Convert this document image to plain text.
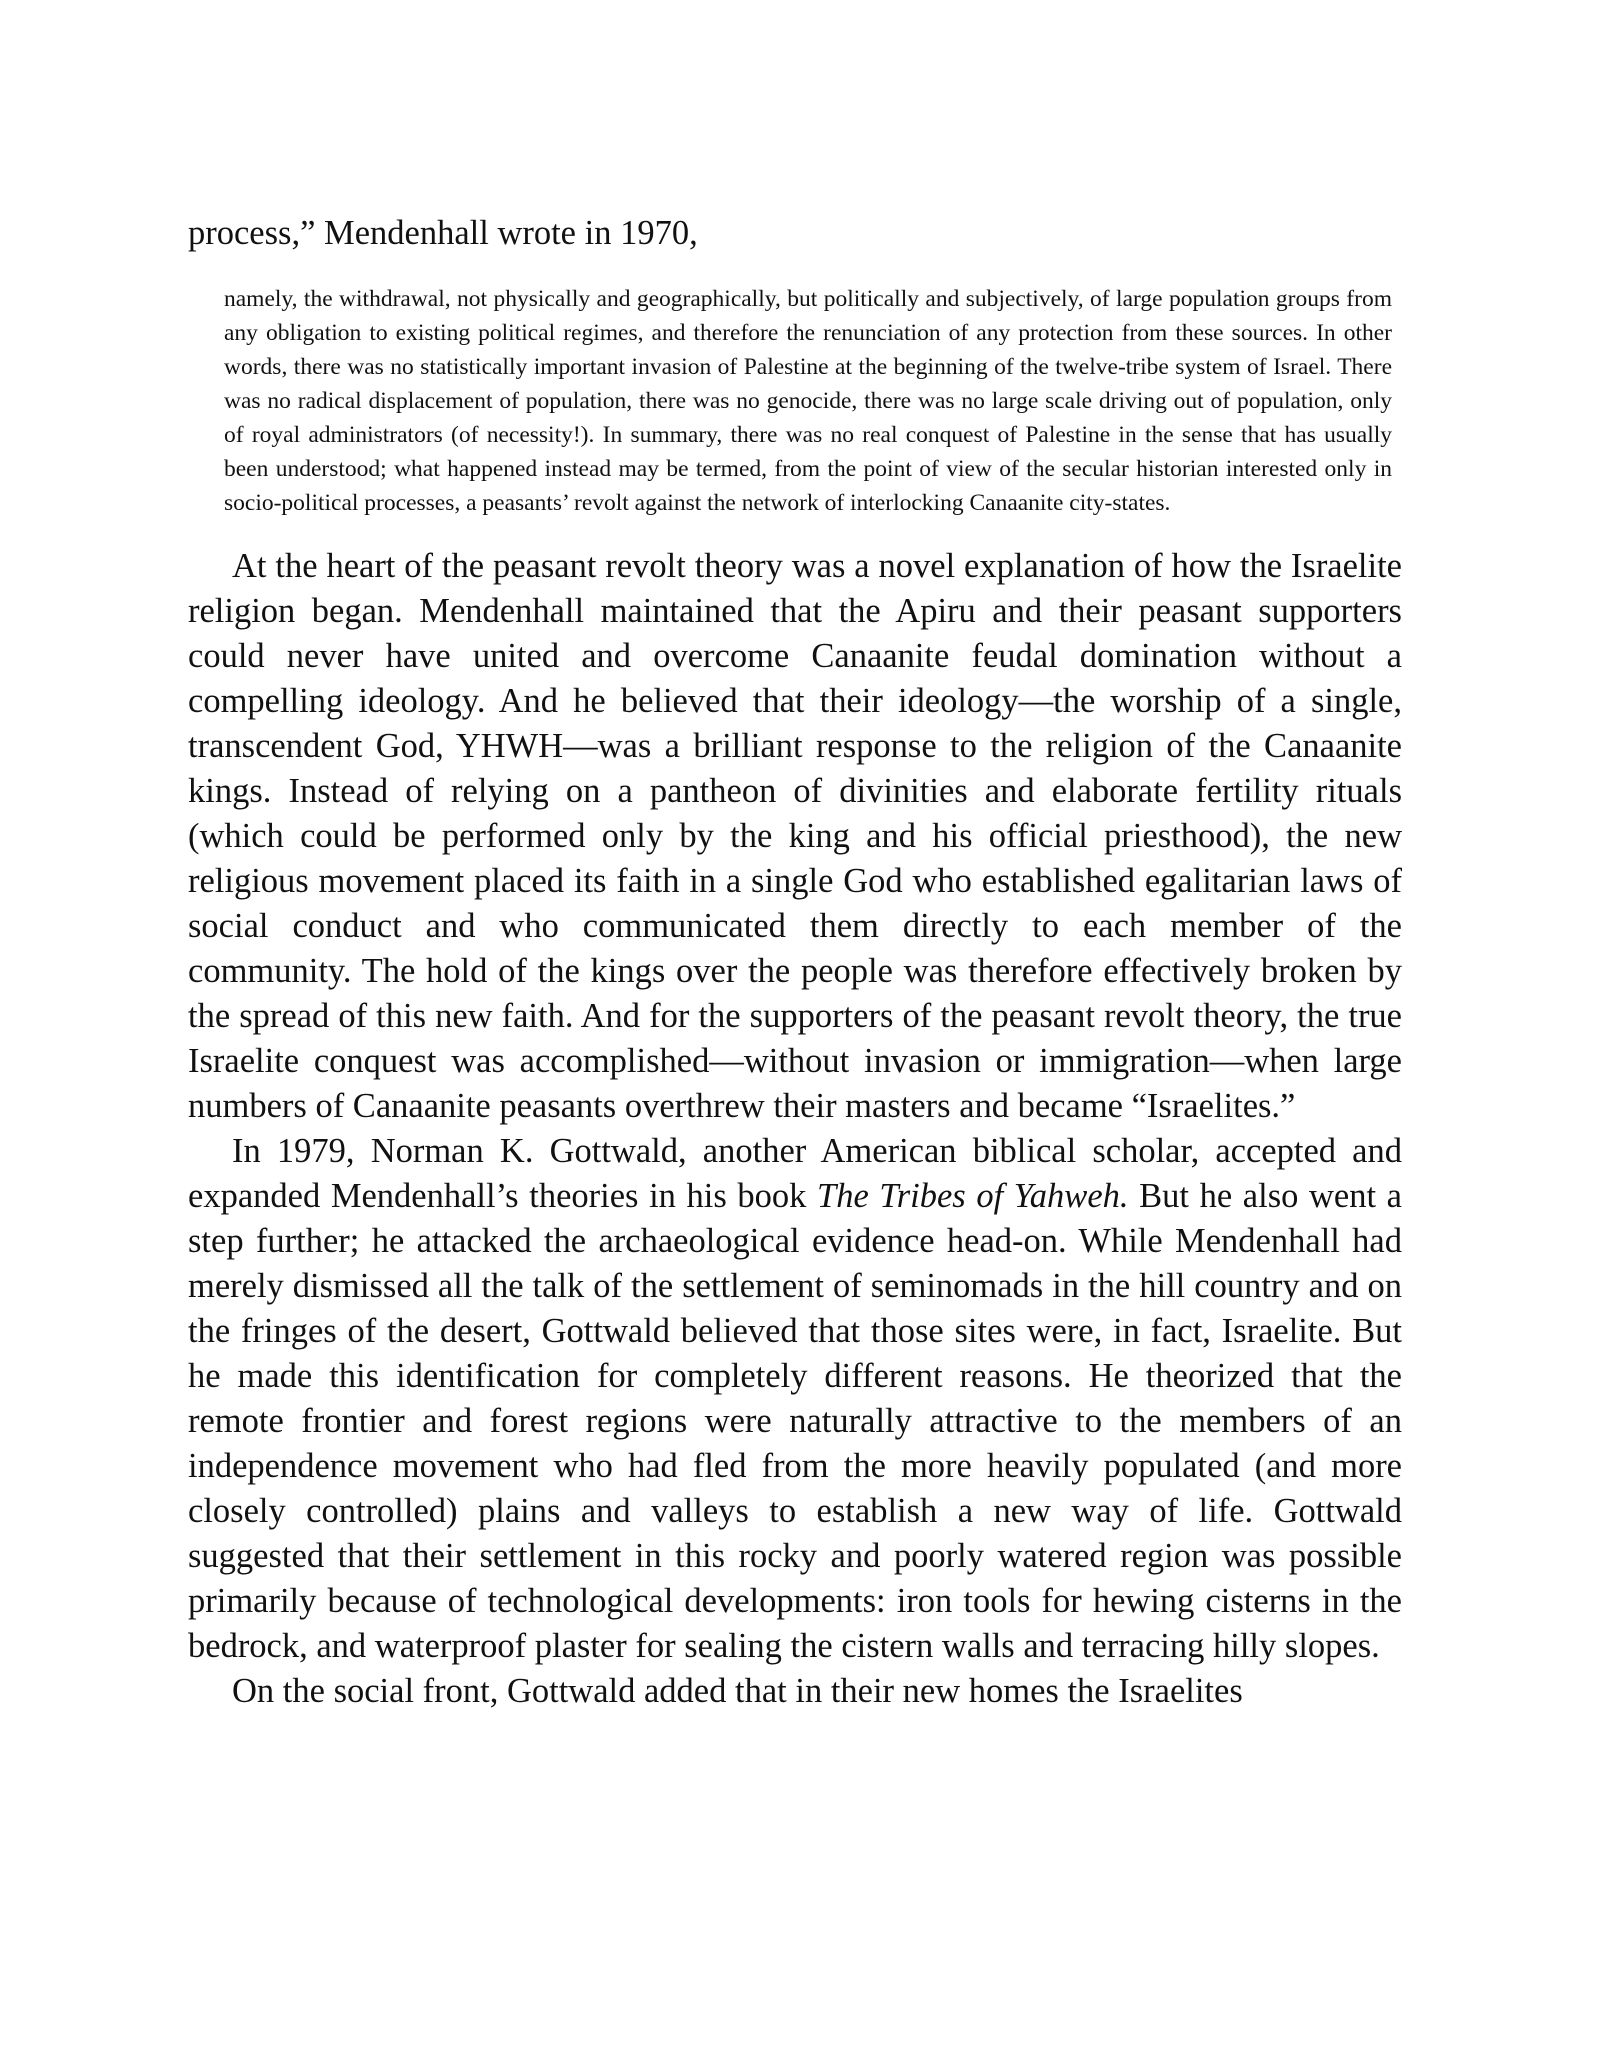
process,” Mendenhall wrote in 1970,

namely, the withdrawal, not physically and geographically, but politically and subjectively, of large population groups from any obligation to existing political regimes, and therefore the renunciation of any protection from these sources. In other words, there was no statistically important invasion of Palestine at the beginning of the twelve-tribe system of Israel. There was no radical displacement of population, there was no genocide, there was no large scale driving out of population, only of royal administrators (of necessity!). In summary, there was no real conquest of Palestine in the sense that has usually been understood; what happened instead may be termed, from the point of view of the secular historian interested only in socio-political processes, a peasants’ revolt against the network of interlocking Canaanite city-states.

At the heart of the peasant revolt theory was a novel explanation of how the Israelite religion began. Mendenhall maintained that the Apiru and their peasant supporters could never have united and overcome Canaanite feudal domination without a compelling ideology. And he believed that their ideology—the worship of a single, transcendent God, YHWH—was a brilliant response to the religion of the Canaanite kings. Instead of relying on a pantheon of divinities and elaborate fertility rituals (which could be performed only by the king and his official priesthood), the new religious movement placed its faith in a single God who established egalitarian laws of social conduct and who communicated them directly to each member of the community. The hold of the kings over the people was therefore effectively broken by the spread of this new faith. And for the supporters of the peasant revolt theory, the true Israelite conquest was accomplished—without invasion or immigration—when large numbers of Canaanite peasants overthrew their masters and became “Israelites.”

In 1979, Norman K. Gottwald, another American biblical scholar, accepted and expanded Mendenhall’s theories in his book The Tribes of Yahweh. But he also went a step further; he attacked the archaeological evidence head-on. While Mendenhall had merely dismissed all the talk of the settlement of seminomads in the hill country and on the fringes of the desert, Gottwald believed that those sites were, in fact, Israelite. But he made this identification for completely different reasons. He theorized that the remote frontier and forest regions were naturally attractive to the members of an independence movement who had fled from the more heavily populated (and more closely controlled) plains and valleys to establish a new way of life. Gottwald suggested that their settlement in this rocky and poorly watered region was possible primarily because of technological developments: iron tools for hewing cisterns in the bedrock, and waterproof plaster for sealing the cistern walls and terracing hilly slopes.

On the social front, Gottwald added that in their new homes the Israelites
